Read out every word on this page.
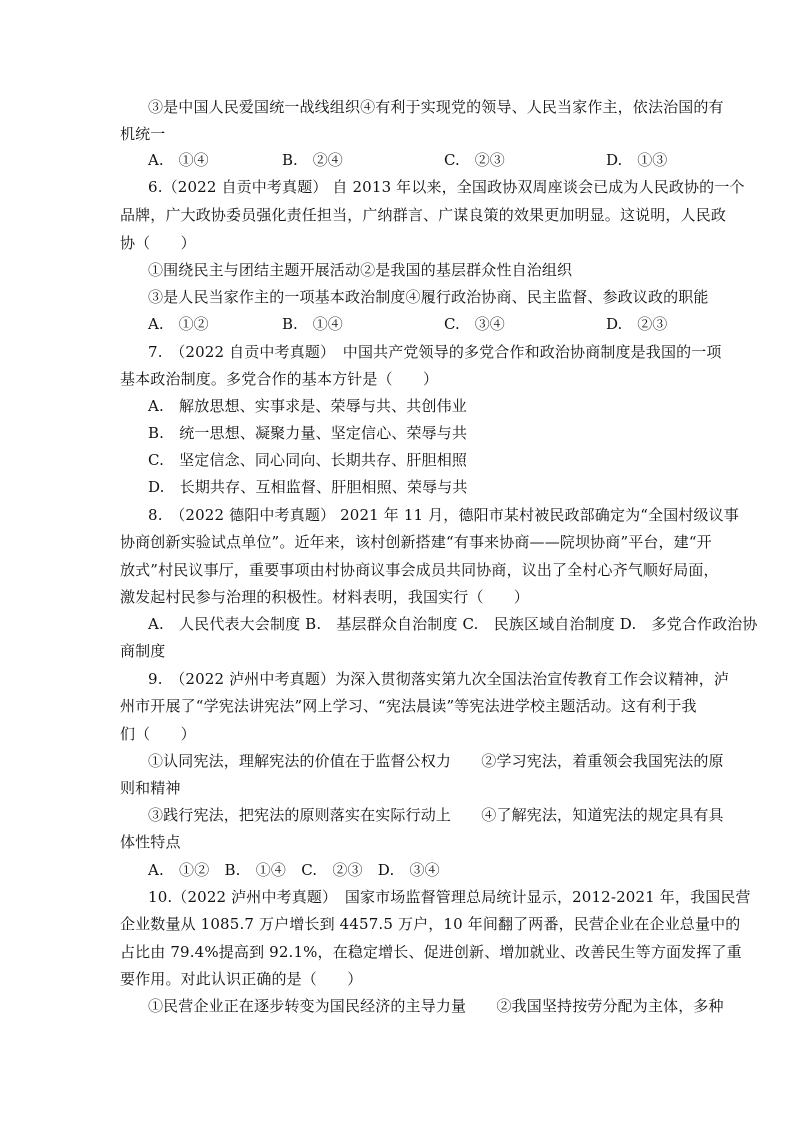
③是中国人民爱国统一战线组织④有利于实现党的领导、人民当家作主，依法治国的有
机统一
A.　①④	B.　②④	C.　②③	D.　①③
6.（2022 自贡中考真题） 自 2013 年以来，全国政协双周座谈会已成为人民政协的一个
品牌，广大政协委员强化责任担当，广纳群言、广谋良策的效果更加明显。这说明，人民政
协（　　）
①围绕民主与团结主题开展活动②是我国的基层群众性自治组织
③是人民当家作主的一项基本政治制度④履行政治协商、民主监督、参政议政的职能
A.　①②	B.　①④	C.　③④	D.　②③
7.　（2022 自贡中考真题）　中国共产党领导的多党合作和政治协商制度是我国的一项
基本政治制度。多党合作的基本方针是（　　）
A.　解放思想、实事求是、荣辱与共、共创伟业
B.　统一思想、凝聚力量、坚定信心、荣辱与共
C.　坚定信念、同心同向、长期共存、肝胆相照
D.　长期共存、互相监督、肝胆相照、荣辱与共
8.　（2022 德阳中考真题） 2021 年 11 月，德阳市某村被民政部确定为“全国村级议事
协商创新实验试点单位”。近年来，该村创新搭建“有事来协商——院坝协商”平台，建“开
放式”村民议事厅，重要事项由村协商议事会成员共同协商，议出了全村心齐气顺好局面，
激发起村民参与治理的积极性。材料表明，我国实行（　　）
A.　人民代表大会制度 B.　基层群众自治制度 C.　民族区域自治制度 D.　多党合作政治协
商制度
9.　（2022 泸州中考真题）为深入贯彻落实第九次全国法治宣传教育工作会议精神，泸
州市开展了“学宪法讲宪法”网上学习、“宪法晨读”等宪法进学校主题活动。这有利于我
们（　　）
①认同宪法，理解宪法的价值在于监督公权力　　②学习宪法，着重领会我国宪法的原
则和精神
③践行宪法，把宪法的原则落实在实际行动上　　④了解宪法，知道宪法的规定具有具
体性特点
A.　①②　B.　①④　C.　②③　D.　③④
10.（2022 泸州中考真题）　国家市场监督管理总局统计显示，2012-2021 年，我国民营
企业数量从 1085.7 万户增长到 4457.5 万户，10 年间翻了两番，民营企业在企业总量中的
占比由 79.4%提高到 92.1%，在稳定增长、促进创新、增加就业、改善民生等方面发挥了重
要作用。对此认识正确的是（　　）
①民营企业正在逐步转变为国民经济的主导力量　　②我国坚持按劳分配为主体，多种
